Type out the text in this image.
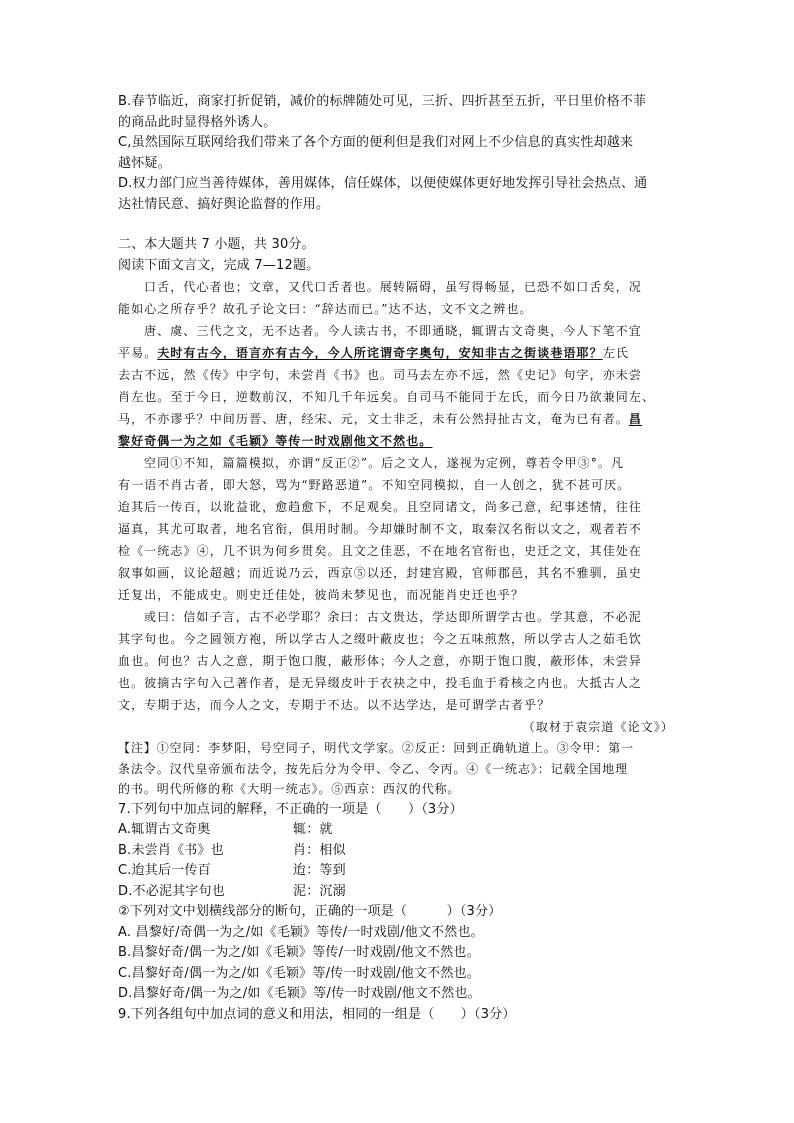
B.春节临近，商家打折促销，减价的标牌随处可见，三折、四折甚至五折，平日里价格不菲
的商品此时显得格外诱人。
C,虽然国际互联网给我们带来了各个方面的便利但是我们对网上不少信息的真实性却越来
越怀疑。
D.权力部门应当善待媒体，善用媒体，信任媒体，以便使媒体更好地发挥引导社会热点、通
达社情民意、搞好舆论监督的作用。
二、本大题共 7 小题，共 30分。
阅读下面文言文，完成 7—12题。
口舌，代心者也；文章，又代口舌者也。展转隔碍，虽写得畅显，已恐不如口舌矣，况
能如心之所存乎？故孔子论文曰：“辞达而已。”达不达，文不文之辨也。
唐、虞、三代之文，无不达者。今人读古书，不即通晓，辄谓古文奇奥，今人下笔不宜
平易。夫时有古今，语言亦有古今，今人所诧谓奇字奥句，安知非古之街谈巷语耶？左氏
去古不远，然《传》中字句，未尝肖《书》也。司马去左亦不远，然《史记》句字，亦未尝
肖左也。至于今日，逆数前汉，不知几千年远矣。自司马不能同于左氏，而今日乃欲兼同左、
马，不亦谬乎？中间历晋、唐，经宋、元，文士非乏，未有公然挦扯古文，奄为已有者。昌
黎好奇偶一为之如《毛颖》等传一时戏剧他文不然也。
空同①不知，篇篇模拟，亦谓“反正②”。后之文人，遂视为定例，尊若令甲③°。凡
有一语不肖古者，即大怒，骂为“野路恶道”。不知空同模拟，自一人创之，犹不甚可厌。
迨其后一传百，以讹益讹，愈趋愈下，不足观矣。且空同诸文，尚多己意，纪事述情，往往
逼真，其尤可取者，地名官衔，俱用时制。今却嫌时制不文，取秦汉名衔以文之，观者若不
检《一统志》④，几不识为何乡贯矣。且文之佳恶，不在地名官衔也，史迁之文，其佳处在
叙事如画，议论超越；而近说乃云，西京⑤以还，封建宫殿，官师郡邑，其名不雅驯，虽史
迁复出，不能成史。则史迁佳处，彼尚未梦见也，而况能肖史迁也乎？
或曰：信如子言，古不必学耶？余曰：古文贵达，学达即所谓学古也。学其意，不必泥
其字句也。今之圆领方袍，所以学古人之缀叶蔽皮也；今之五味煎熬，所以学古人之茹毛饮
血也。何也？古人之意，期于饱口腹，蔽形体；今人之意，亦期于饱口腹，蔽形体，未尝异
也。彼摘古字句入己著作者，是无异缀皮叶于衣袂之中，投毛血于肴核之内也。大抵古人之
文，专期于达，而今人之文，专期于不达。以不达学达，是可谓学古者乎？
（取材于袁宗道《论文》）
【注】①空同：李梦阳，号空同子，明代文学家。②反正：回到正确轨道上。③令甲：第一
条法令。汉代皇帝颁布法令，按先后分为令甲、令乙、令丙。④《一统志》：记载全国地理
的书。明代所修的称《大明一统志》。⑤西京：西汉的代称。
7.下列句中加点词的解释，不正确的一项是（　　）（3分）
A.辄谓古文奇奥	辄：就
B.未尝肖《书》也	肖：相似
C.迨其后一传百	迨：等到
D.不必泥其字句也	泥：沉溺
②下列对文中划横线部分的断句，正确的一项是（　　　）（3分）
A. 昌黎好/奇偶一为之/如《毛颖》等传/一时戏剧/他文不然也。
B.昌黎好奇/偶一为之/如《毛颖》等传/一时戏剧/他文不然也。
C.昌黎好奇/偶一为之/如《毛颖》等/传一时戏剧/他文不然也。
D.昌黎好奇/偶一为之/如《毛颖》等/传一时戏剧/他文不然也。
9.下列各组句中加点词的意义和用法，相同的一组是（　　）（3分）
